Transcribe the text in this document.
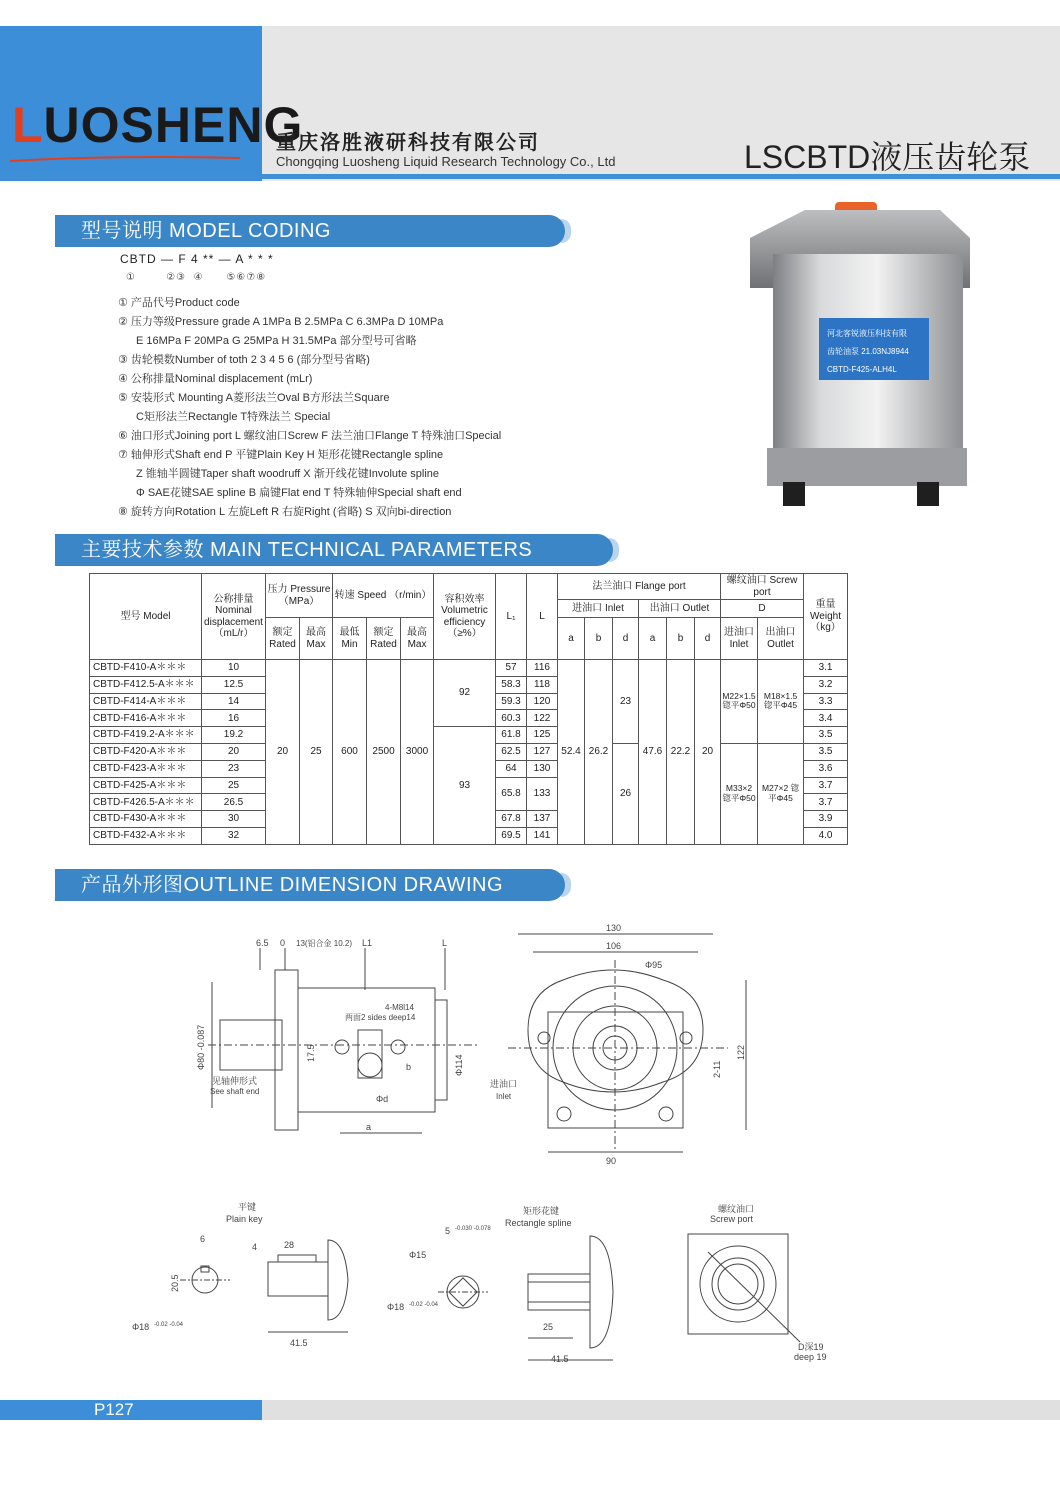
LUOSHENG
重庆洛胜液研科技有限公司
Chongqing Luosheng Liquid Research Technology Co., Ltd	LSCBTD液压齿轮泵
型号说明 MODEL CODING
CBTD — F 4 ** — A * * *
①        ②③  ④      ⑤⑥⑦⑧
① 产品代号Product code
② 压力等级Pressure grade A 1MPa B 2.5MPa C 6.3MPa D 10MPa
E 16MPa F 20MPa G 25MPa H 31.5MPa 部分型号可省略
③ 齿轮模数Number of toth 2 3 4 5 6 (部分型号省略)
④ 公称排量Nominal displacement (mLr)
⑤ 安装形式 Mounting A菱形法兰Oval B方形法兰Square
C矩形法兰Rectangle T特殊法兰 Special
⑥ 油口形式Joining port L 螺纹油口Screw F 法兰油口Flange T 特殊油口Special
⑦ 轴伸形式Shaft end P 平键Plain Key H 矩形花键Rectangle spline
Z 锥轴半圆键Taper shaft woodruff X 渐开线花键Involute spline
Φ SAE花键SAE spline B 扁键Flat end T 特殊轴伸Special shaft end
⑧ 旋转方向Rotation L 左旋Left R 右旋Right (省略) S 双向bi-direction
河北客锐液压科技有限
齿轮油泵 21.03NJ8944
CBTD-F425-ALH4L
主要技术参数 MAIN TECHNICAL PARAMETERS
型号 Model	公称排量 Nominal displacement （mL/r）	压力 Pressure （MPa）		转速 Speed （r/min）			容积效率 Volumetric efficiency （≥%）	L₁	L	法兰油口 Flange port						螺纹油口 Screw port		重量 Weight （kg）
										进油口 Inlet			出油口 Outlet			D		
		额定 Rated	最高 Max	最低 Min	额定 Rated	最高 Max				a	b	d	a	b	d	进油口 Inlet	出油口 Outlet	
CBTD-F410-A＊＊＊	10	20	25	600	2500	3000	92	57	116	52.4	26.2	23	47.6	22.2	20	M22×1.5 锪平Φ50	M18×1.5 锪平Φ45	3.1
CBTD-F412.5-A＊＊＊	12.5							58.3	118									3.2
CBTD-F414-A＊＊＊	14							59.3	120									3.3
CBTD-F416-A＊＊＊	16							60.3	122									3.4
CBTD-F419.2-A＊＊＊	19.2						93	61.8	125									3.5
CBTD-F420-A＊＊＊	20							62.5	127			26				M33×2 锪平Φ50	M27×2 锪平Φ45	3.5
CBTD-F423-A＊＊＊	23							64	130									3.6
CBTD-F425-A＊＊＊	25							65.8	133									3.7
CBTD-F426.5-A＊＊＊	26.5																	3.7
CBTD-F430-A＊＊＊	30							67.8	137									3.9
CBTD-F432-A＊＊＊	32							69.5	141									4.0
产品外形图OUTLINE DIMENSION DRAWING
6.5 0 13(铝合金 10.2) L1	L
4-M8l14
两面2 sides deep14
Φ80 -0.087	17.5
Φ114
b
a
Φd
见轴伸形式
See shaft end
130
106
Φ95
2-11
122
90
进油口
Inlet
平键
Plain key
6
4	28
20.5
Φ18 -0.02 -0.04
41.5
矩形花键
Rectangle spline
5 -0.030 -0.078
Φ15
Φ18 -0.02 -0.04
25
41.5
螺纹油口
Screw port
D深19
deep 19
P127
